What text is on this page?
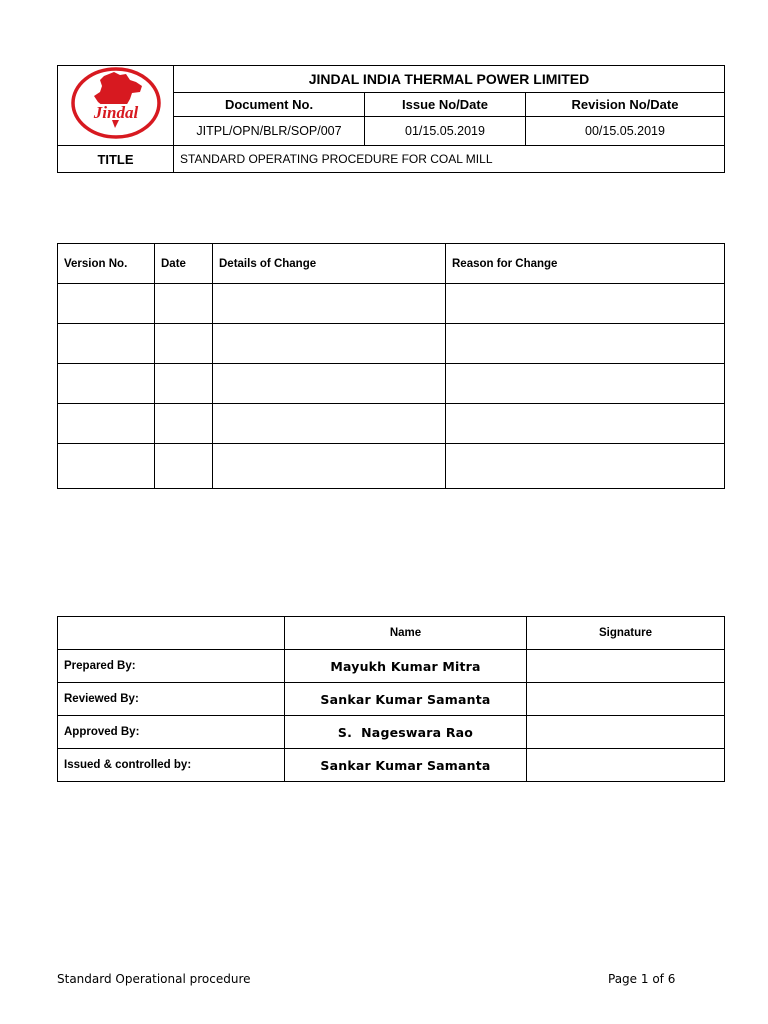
Jindal	JINDAL INDIA THERMAL POWER LIMITED		
	Document No.	Issue No/Date	Revision No/Date
	JITPL/OPN/BLR/SOP/007	01/15.05.2019	00/15.05.2019
TITLE	STANDARD OPERATING PROCEDURE FOR COAL MILL		
Version No.	Date	Details of Change	Reason for Change

	Name	Signature
Prepared By:	Mayukh Kumar Mitra	
Reviewed By:	Sankar Kumar Samanta	
Approved By:	S.  Nageswara Rao	
Issued & controlled by:	Sankar Kumar Samanta	
Standard Operational procedure	Page 1 of 6
